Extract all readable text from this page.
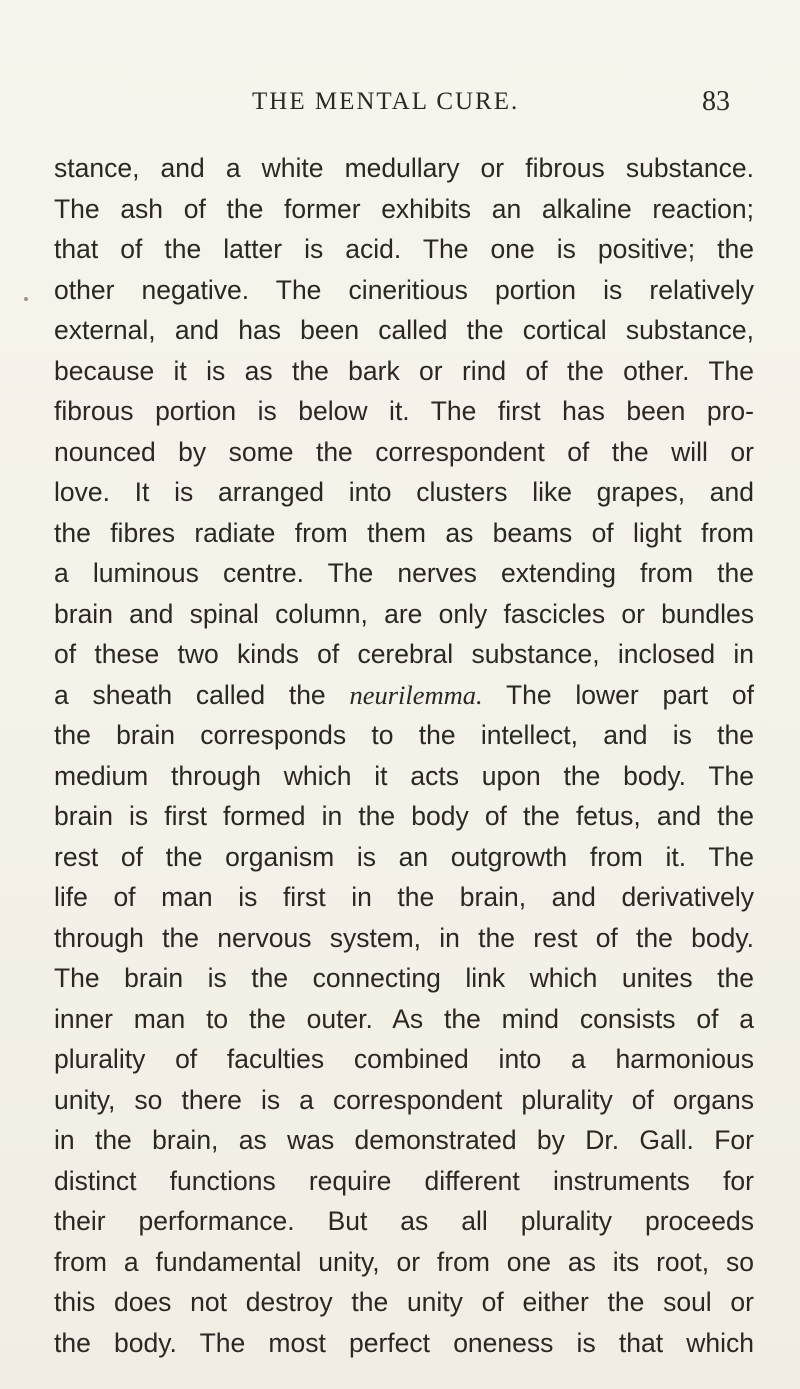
THE MENTAL CURE.	83
stance, and a white medullary or fibrous substance.
The ash of the former exhibits an alkaline reaction;
that of the latter is acid. The one is positive; the
other negative. The cineritious portion is relatively
external, and has been called the cortical substance,
because it is as the bark or rind of the other. The
fibrous portion is below it. The first has been pro-
nounced by some the correspondent of the will or
love. It is arranged into clusters like grapes, and
the fibres radiate from them as beams of light from
a luminous centre. The nerves extending from the
brain and spinal column, are only fascicles or bundles
of these two kinds of cerebral substance, inclosed in
a sheath called the neurilemma. The lower part of
the brain corresponds to the intellect, and is the
medium through which it acts upon the body. The
brain is first formed in the body of the fetus, and the
rest of the organism is an outgrowth from it. The
life of man is first in the brain, and derivatively
through the nervous system, in the rest of the body.
The brain is the connecting link which unites the
inner man to the outer. As the mind consists of a
plurality of faculties combined into a harmonious
unity, so there is a correspondent plurality of organs
in the brain, as was demonstrated by Dr. Gall. For
distinct functions require different instruments for
their performance. But as all plurality proceeds
from a fundamental unity, or from one as its root, so
this does not destroy the unity of either the soul or
the body. The most perfect oneness is that which
